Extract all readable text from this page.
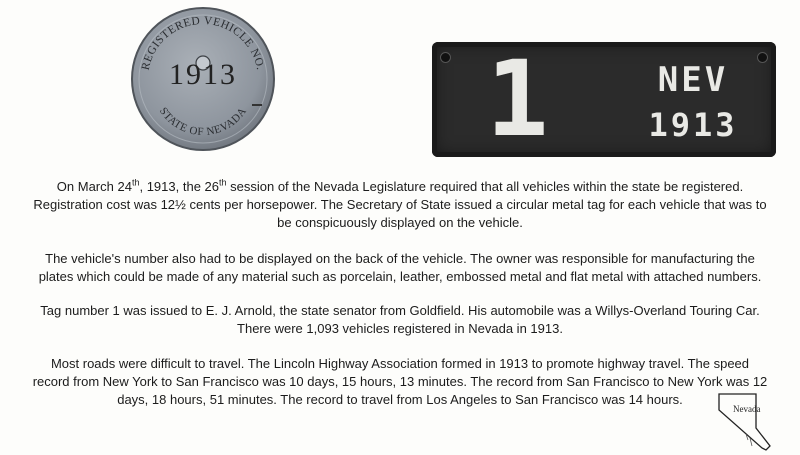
REGISTERED VEHICLE NO.
STATE OF NEVADA
1913	1	NEV
1913
On March 24th, 1913, the 26th session of the Nevada Legislature required that all vehicles within the state be registered.
Registration cost was 12½ cents per horsepower. The Secretary of State issued a circular metal tag for each vehicle that was to
be conspicuously displayed on the vehicle.
The vehicle's number also had to be displayed on the back of the vehicle. The owner was responsible for manufacturing the
plates which could be made of any material such as porcelain, leather, embossed metal and flat metal with attached numbers.
Tag number 1 was issued to E. J. Arnold, the state senator from Goldfield. His automobile was a Willys-Overland Touring Car.
There were 1,093 vehicles registered in Nevada in 1913.
Most roads were difficult to travel. The Lincoln Highway Association formed in 1913 to promote highway travel. The speed
record from New York to San Francisco was 10 days, 15 hours, 13 minutes. The record from San Francisco to New York was 12
days, 18 hours, 51 minutes. The record to travel from Los Angeles to San Francisco was 14 hours.
Nevada
